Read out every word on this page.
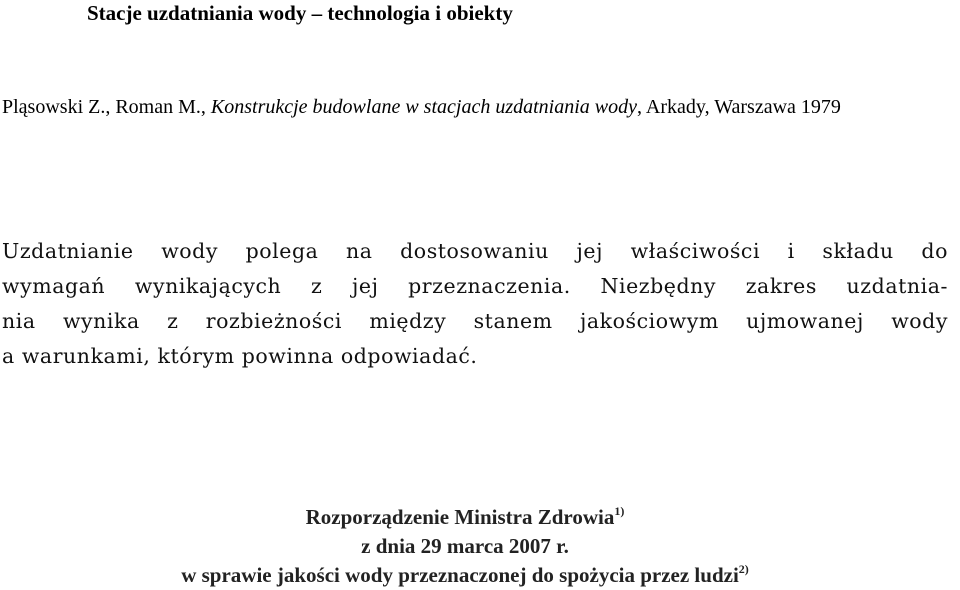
Stacje uzdatniania wody – technologia i obiekty
Pląsowski Z., Roman M., Konstrukcje budowlane w stacjach uzdatniania wody, Arkady, Warszawa 1979
Uzdatnianie wody polega na dostosowaniu jej właściwości i składu do
wymagań wynikających z jej przeznaczenia. Niezbędny zakres uzdatnia-
nia wynika z rozbieżności między stanem jakościowym ujmowanej wody
a warunkami, którym powinna odpowiadać.
Rozporządzenie Ministra Zdrowia$^{1)}$
z dnia 29 marca 2007 r.
w sprawie jakości wody przeznaczonej do spożycia przez ludzi$^{2)}$
